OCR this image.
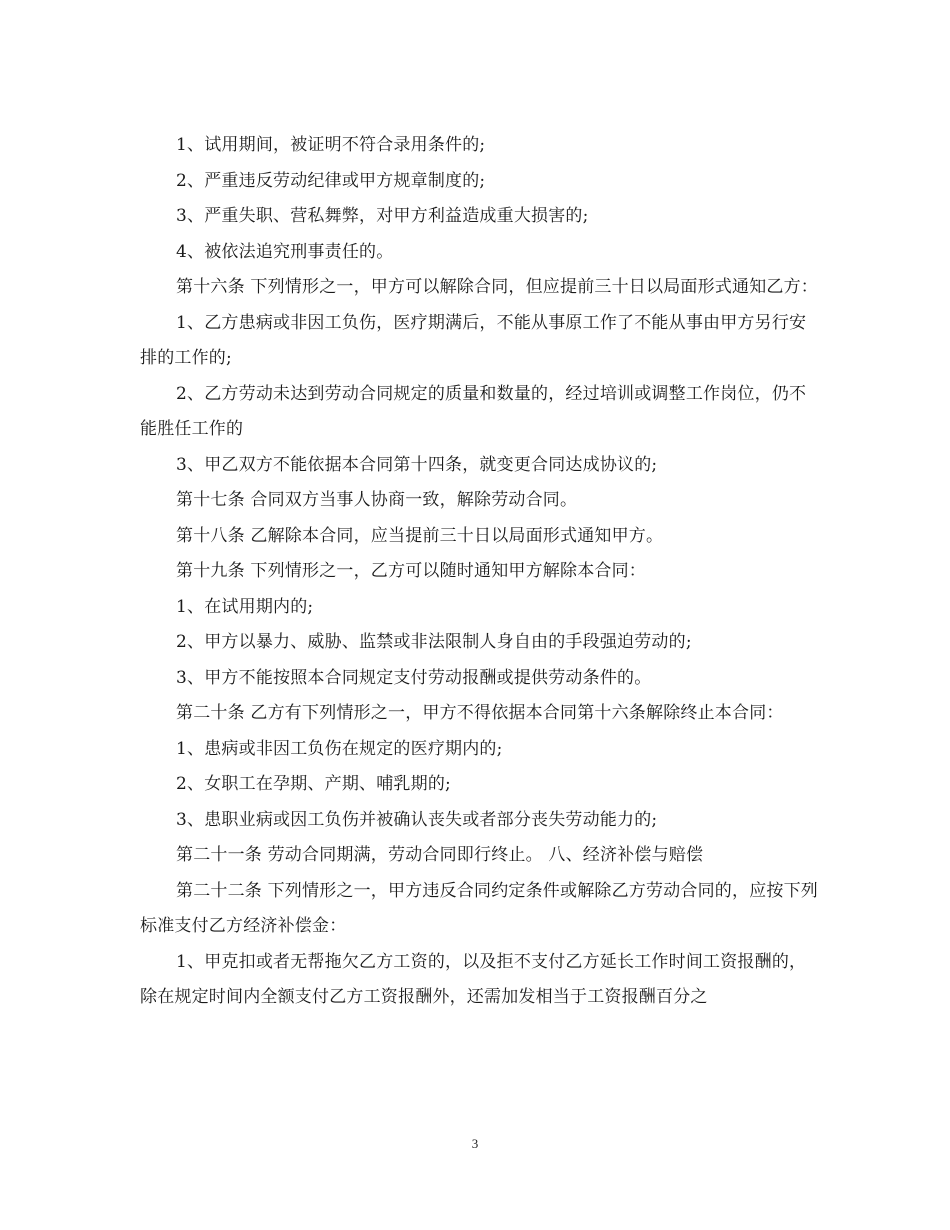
1、试用期间，被证明不符合录用条件的;

2、严重违反劳动纪律或甲方规章制度的;

3、严重失职、营私舞弊，对甲方利益造成重大损害的;

4、被依法追究刑事责任的。

第十六条 下列情形之一，甲方可以解除合同，但应提前三十日以局面形式通知乙方：

1、乙方患病或非因工负伤，医疗期满后，不能从事原工作了不能从事由甲方另行安排的工作的;

2、乙方劳动未达到劳动合同规定的质量和数量的，经过培训或调整工作岗位，仍不能胜任工作的

3、甲乙双方不能依据本合同第十四条，就变更合同达成协议的;

第十七条 合同双方当事人协商一致，解除劳动合同。

第十八条 乙解除本合同，应当提前三十日以局面形式通知甲方。

第十九条 下列情形之一，乙方可以随时通知甲方解除本合同：

1、在试用期内的;

2、甲方以暴力、威胁、监禁或非法限制人身自由的手段强迫劳动的;

3、甲方不能按照本合同规定支付劳动报酬或提供劳动条件的。

第二十条 乙方有下列情形之一，甲方不得依据本合同第十六条解除终止本合同：

1、患病或非因工负伤在规定的医疗期内的;

2、女职工在孕期、产期、哺乳期的;

3、患职业病或因工负伤并被确认丧失或者部分丧失劳动能力的;

第二十一条 劳动合同期满，劳动合同即行终止。 八、经济补偿与赔偿

第二十二条 下列情形之一，甲方违反合同约定条件或解除乙方劳动合同的，应按下列标准支付乙方经济补偿金：

1、甲克扣或者无帮拖欠乙方工资的，以及拒不支付乙方延长工作时间工资报酬的，除在规定时间内全额支付乙方工资报酬外，还需加发相当于工资报酬百分之

3
